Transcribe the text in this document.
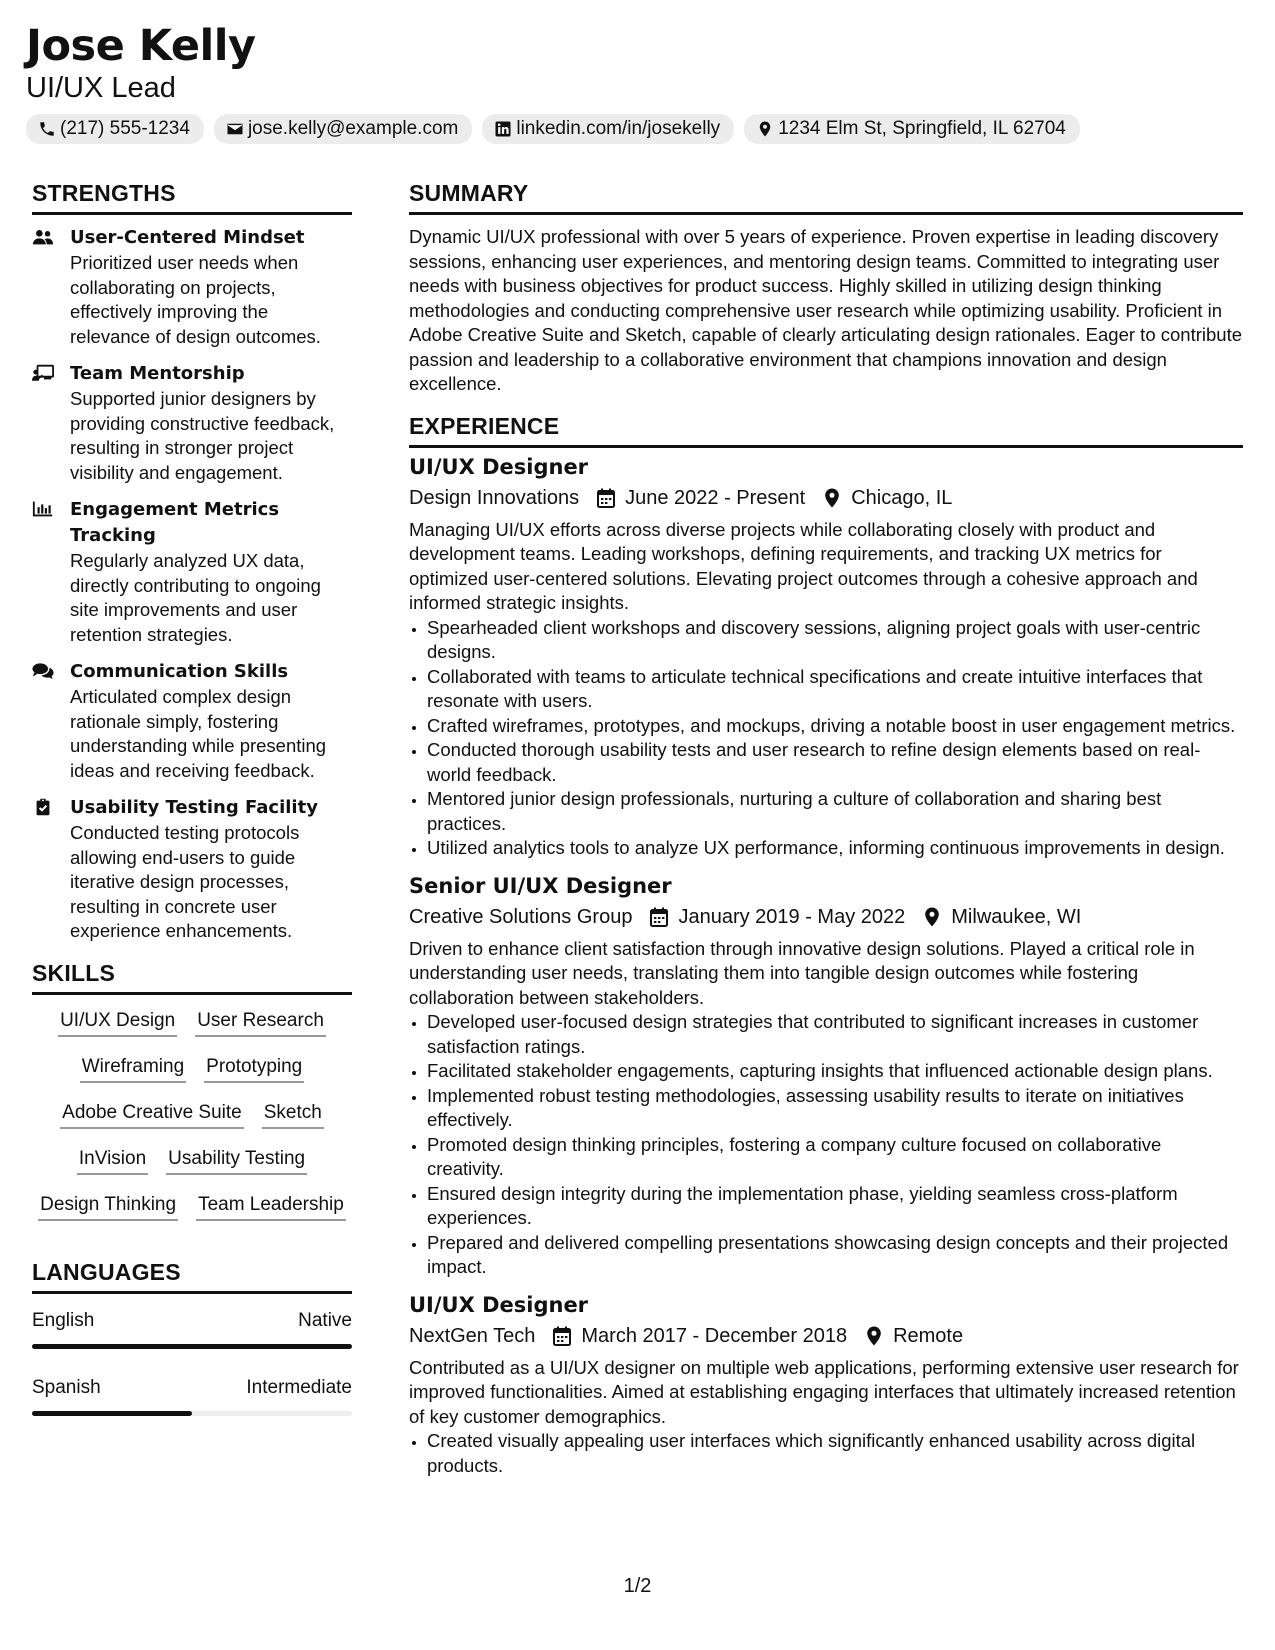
Jose Kelly
UI/UX Lead
(217) 555-1234	jose.kelly@example.com	linkedin.com/in/josekelly	1234 Elm St, Springfield, IL 62704
STRENGTHS
User-Centered Mindset
Prioritized user needs when collaborating on projects, effectively improving the relevance of design outcomes.
Team Mentorship
Supported junior designers by providing constructive feedback, resulting in stronger project visibility and engagement.
Engagement Metrics Tracking
Regularly analyzed UX data, directly contributing to ongoing site improvements and user retention strategies.
Communication Skills
Articulated complex design rationale simply, fostering understanding while presenting ideas and receiving feedback.
Usability Testing Facility
Conducted testing protocols allowing end-users to guide iterative design processes, resulting in concrete user experience enhancements.
SKILLS
UI/UX Design User Research
Wireframing Prototyping
Adobe Creative Suite Sketch
InVision Usability Testing
Design Thinking Team Leadership
LANGUAGES
English	Native
Spanish	Intermediate
SUMMARY

Dynamic UI/UX professional with over 5 years of experience. Proven expertise in leading discovery sessions, enhancing user experiences, and mentoring design teams. Committed to integrating user needs with business objectives for product success. Highly skilled in utilizing design thinking methodologies and conducting comprehensive user research while optimizing usability. Proficient in Adobe Creative Suite and Sketch, capable of clearly articulating design rationales. Eager to contribute passion and leadership to a collaborative environment that champions innovation and design excellence.

EXPERIENCE
UI/UX Designer
Design Innovations June 2022 - Present Chicago, IL

Managing UI/UX efforts across diverse projects while collaborating closely with product and development teams. Leading workshops, defining requirements, and tracking UX metrics for optimized user-centered solutions. Elevating project outcomes through a cohesive approach and informed strategic insights.

• Spearheaded client workshops and discovery sessions, aligning project goals with user-centric designs.
• Collaborated with teams to articulate technical specifications and create intuitive interfaces that resonate with users.
• Crafted wireframes, prototypes, and mockups, driving a notable boost in user engagement metrics.
• Conducted thorough usability tests and user research to refine design elements based on real-world feedback.
• Mentored junior design professionals, nurturing a culture of collaboration and sharing best practices.
• Utilized analytics tools to analyze UX performance, informing continuous improvements in design.
Senior UI/UX Designer
Creative Solutions Group January 2019 - May 2022 Milwaukee, WI

Driven to enhance client satisfaction through innovative design solutions. Played a critical role in understanding user needs, translating them into tangible design outcomes while fostering collaboration between stakeholders.

• Developed user-focused design strategies that contributed to significant increases in customer satisfaction ratings.
• Facilitated stakeholder engagements, capturing insights that influenced actionable design plans.
• Implemented robust testing methodologies, assessing usability results to iterate on initiatives effectively.
• Promoted design thinking principles, fostering a company culture focused on collaborative creativity.
• Ensured design integrity during the implementation phase, yielding seamless cross-platform experiences.
• Prepared and delivered compelling presentations showcasing design concepts and their projected impact.
UI/UX Designer
NextGen Tech March 2017 - December 2018 Remote

Contributed as a UI/UX designer on multiple web applications, performing extensive user research for improved functionalities. Aimed at establishing engaging interfaces that ultimately increased retention of key customer demographics.

• Created visually appealing user interfaces which significantly enhanced usability across digital products.
1/2
